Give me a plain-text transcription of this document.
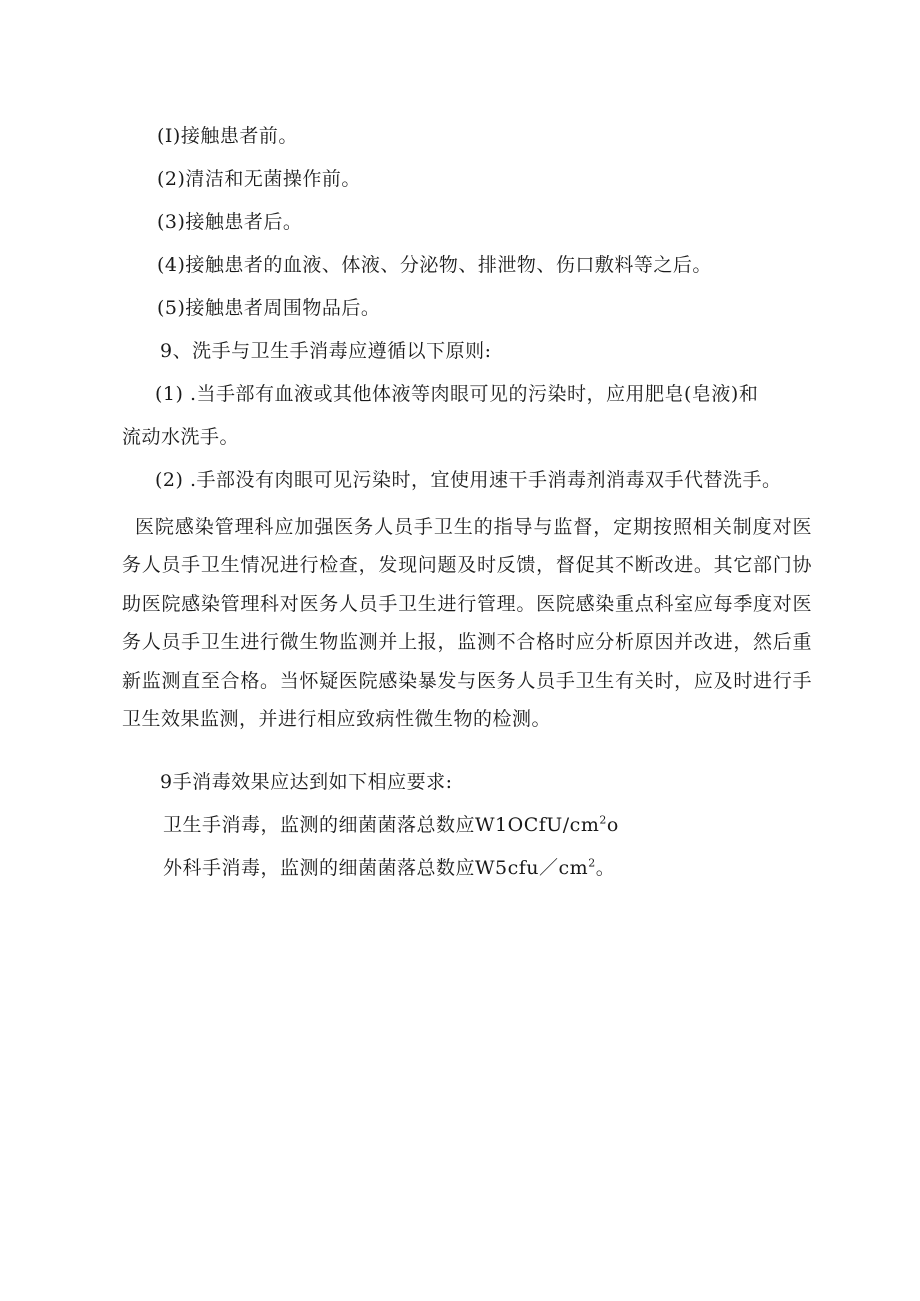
(I)接触患者前。
(2)清洁和无菌操作前。
(3)接触患者后。
(4)接触患者的血液、体液、分泌物、排泄物、伤口敷料等之后。
(5)接触患者周围物品后。
9、洗手与卫生手消毒应遵循以下原则:
(1) .当手部有血液或其他体液等肉眼可见的污染时，应用肥皂(皂液)和
流动水洗手。
(2) .手部没有肉眼可见污染时，宜使用速干手消毒剂消毒双手代替洗手。
医院感染管理科应加强医务人员手卫生的指导与监督，定期按照相关制度对医务人员手卫生情况进行检查，发现问题及时反馈，督促其不断改进。其它部门协助医院感染管理科对医务人员手卫生进行管理。医院感染重点科室应每季度对医务人员手卫生进行微生物监测并上报，监测不合格时应分析原因并改进，然后重新监测直至合格。当怀疑医院感染暴发与医务人员手卫生有关时，应及时进行手卫生效果监测，并进行相应致病性微生物的检测。
9手消毒效果应达到如下相应要求:
卫生手消毒，监测的细菌菌落总数应$W1OCfU/cm^2o$
外科手消毒，监测的细菌菌落总数应$W5cfu/cm^2$。
